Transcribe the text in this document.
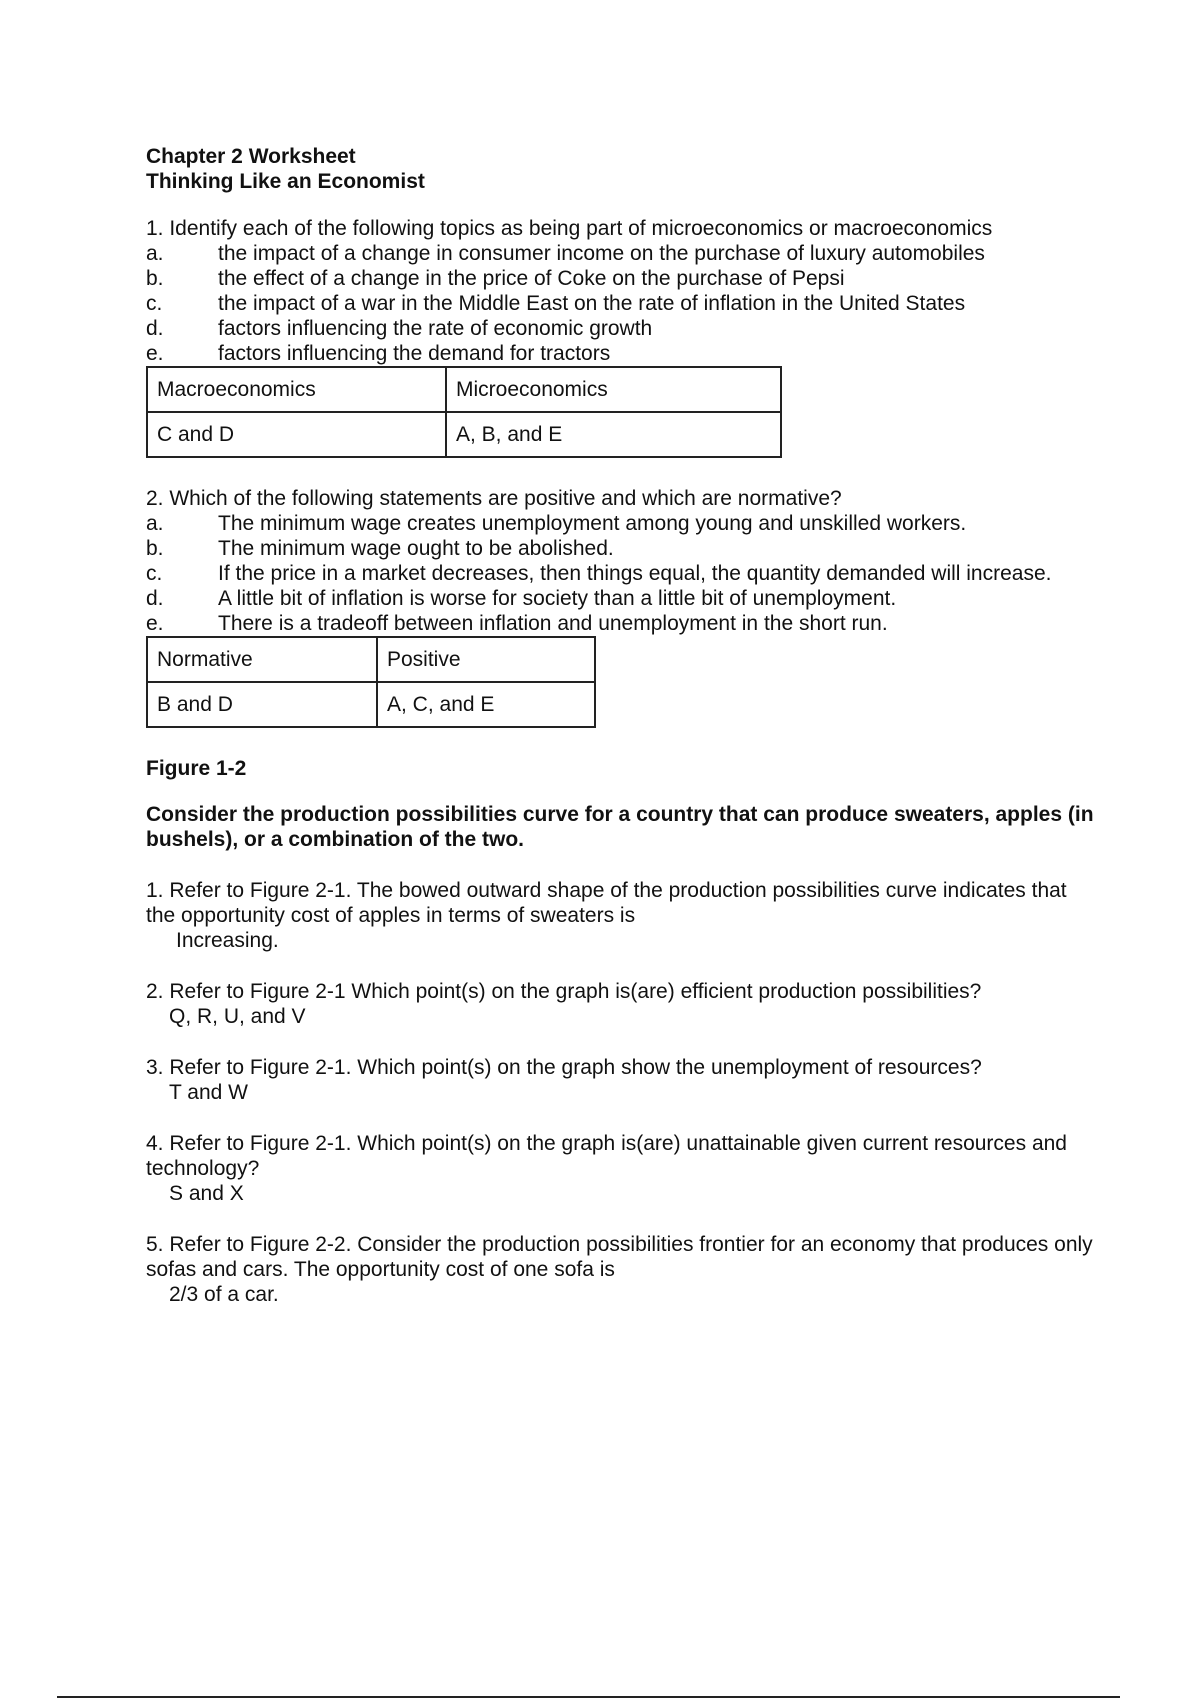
Chapter 2 Worksheet

Thinking Like an Economist

1. Identify each of the following topics as being part of microeconomics or macroeconomics

a.	the impact of a change in consumer income on the purchase of luxury automobiles

b.	the effect of a change in the price of Coke on the purchase of Pepsi

c.	the impact of a war in the Middle East on the rate of inflation in the United States

d.	factors influencing the rate of economic growth

e.	factors influencing the demand for tractors

Macroeconomics	Microeconomics
C and D	A, B, and E

2. Which of the following statements are positive and which are normative?

a.	The minimum wage creates unemployment among young and unskilled workers.

b.	The minimum wage ought to be abolished.

c.	If the price in a market decreases, then things equal, the quantity demanded will increase.

d.	A little bit of inflation is worse for society than a little bit of unemployment.

e.	There is a tradeoff between inflation and unemployment in the short run.

Normative	Positive
B and D	A, C, and E

Figure 1-2

Consider the production possibilities curve for a country that can produce sweaters, apples (in bushels), or a combination of the two.

1. Refer to Figure 2-1. The bowed outward shape of the production possibilities curve indicates that the opportunity cost of apples in terms of sweaters is

Increasing.

2. Refer to Figure 2-1 Which point(s) on the graph is(are) efficient production possibilities?

Q, R, U, and V

3. Refer to Figure 2-1. Which point(s) on the graph show the unemployment of resources?

T and W

4. Refer to Figure 2-1. Which point(s) on the graph is(are) unattainable given current resources and technology?

S and X

5. Refer to Figure 2-2. Consider the production possibilities frontier for an economy that produces only sofas and cars. The opportunity cost of one sofa is

2/3 of a car.
